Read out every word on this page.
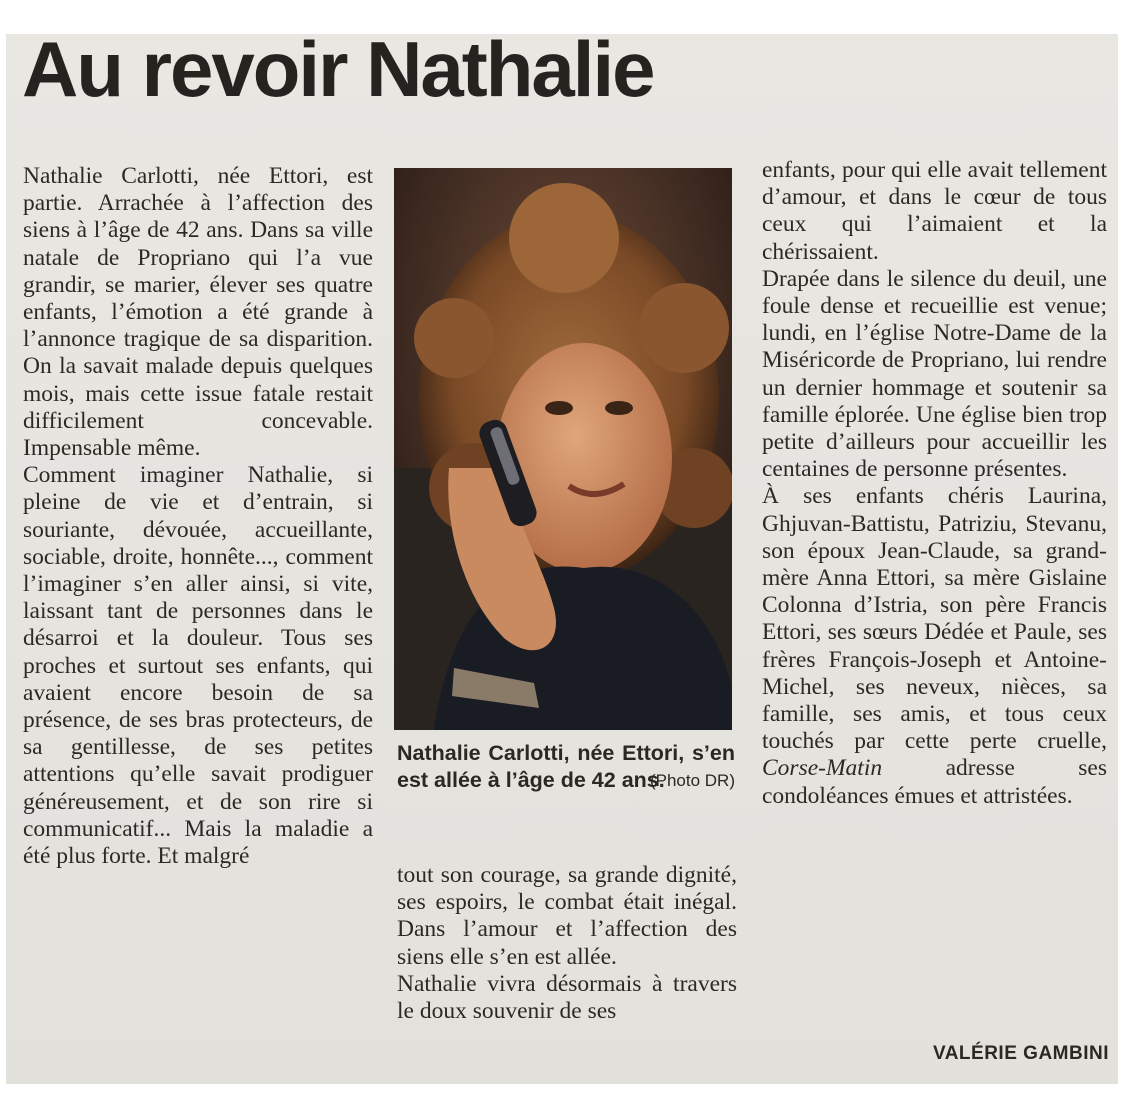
Au revoir Nathalie

Nathalie Carlotti, née Ettori, est partie. Arrachée à l’affection des siens à l’âge de 42 ans. Dans sa ville natale de Propriano qui l’a vue grandir, se marier, élever ses quatre enfants, l’émotion a été grande à l’annonce tragique de sa disparition. On la savait malade depuis quelques mois, mais cette issue fatale restait difficilement concevable. Impensable même.

Comment imaginer Nathalie, si pleine de vie et d’entrain, si souriante, dévouée, accueillante, sociable, droite, honnête..., comment l’imaginer s’en aller ainsi, si vite, laissant tant de personnes dans le désarroi et la douleur. Tous ses proches et surtout ses enfants, qui avaient encore besoin de sa présence, de ses bras protecteurs, de sa gentillesse, de ses petites attentions qu’elle savait prodiguer généreusement, et de son rire si communicatif... Mais la maladie a été plus forte. Et malgré

Nathalie Carlotti, née Ettori, s’en est allée à l’âge de 42 ans.
(Photo DR)

tout son courage, sa grande dignité, ses espoirs, le combat était inégal. Dans l’amour et l’affection des siens elle s’en est allée.

Nathalie vivra désormais à travers le doux souvenir de ses

enfants, pour qui elle avait tellement d’amour, et dans le cœur de tous ceux qui l’aimaient et la chérissaient.

Drapée dans le silence du deuil, une foule dense et recueillie est venue; lundi, en l’église Notre-Dame de la Miséricorde de Propriano, lui rendre un dernier hommage et soutenir sa famille éplorée. Une église bien trop petite d’ailleurs pour accueillir les centaines de personne présentes.

À ses enfants chéris Laurina, Ghjuvan-Battistu, Patriziu, Stevanu, son époux Jean-Claude, sa grand-mère Anna Ettori, sa mère Gislaine Colonna d’Istria, son père Francis Ettori, ses sœurs Dédée et Paule, ses frères François-Joseph et Antoine-Michel, ses neveux, nièces, sa famille, ses amis, et tous ceux touchés par cette perte cruelle, Corse-Matin	adresse ses condoléances émues et attristées.

VALÉRIE GAMBINI
